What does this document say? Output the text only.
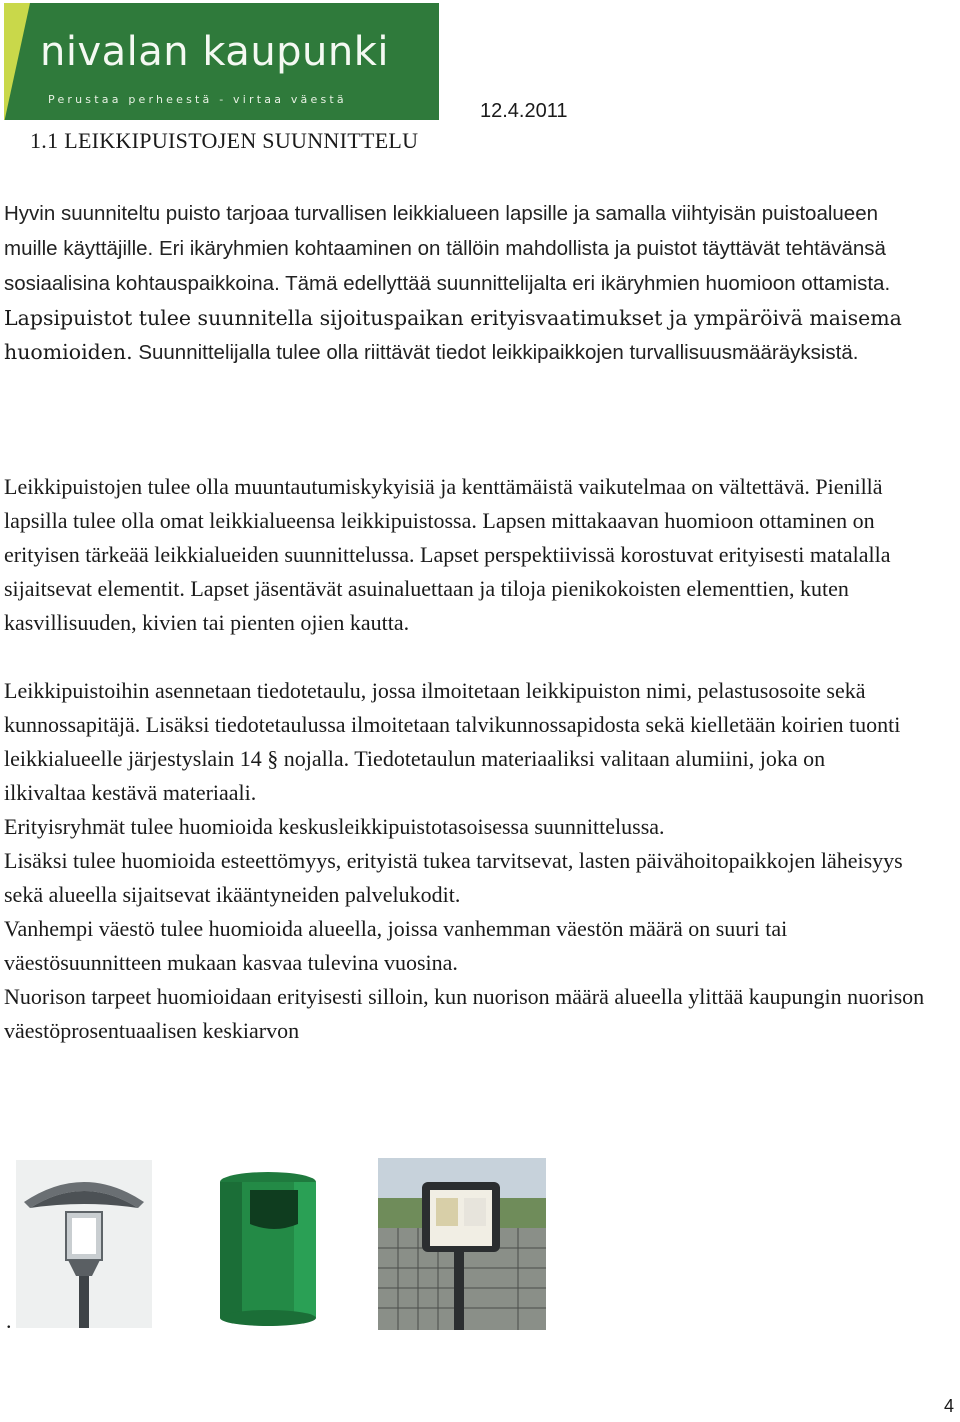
nivalan kaupunki
Perustaa perheestä - virtaa väestä
12.4.2011
1.1 LEIKKIPUISTOJEN SUUNNITTELU

Hyvin suunniteltu puisto tarjoaa turvallisen leikkialueen lapsille ja samalla viihtyisän puistoalueen muille käyttäjille. Eri ikäryhmien kohtaaminen on tällöin mahdollista ja puistot täyttävät tehtävänsä sosiaalisina kohtauspaikkoina. Tämä edellyttää suunnittelijalta eri ikäryhmien huomioon ottamista. Lapsipuistot tulee suunnitella sijoituspaikan erityisvaatimukset ja ympäröivä maisema huomioiden. Suunnittelijalla tulee olla riittävät tiedot leikkipaikkojen turvallisuusmääräyksistä.

Leikkipuistojen tulee olla muuntautumiskykyisiä ja kenttämäistä vaikutelmaa on vältettävä. Pienillä lapsilla tulee olla omat leikkialueensa leikkipuistossa. Lapsen mittakaavan huomioon ottaminen on erityisen tärkeää leikkialueiden suunnittelussa. Lapset perspektiivissä korostuvat erityisesti matalalla sijaitsevat elementit. Lapset jäsentävät asuinaluettaan ja tiloja pienikokoisten elementtien, kuten kasvillisuuden, kivien tai pienten ojien kautta.

Leikkipuistoihin asennetaan tiedotetaulu, jossa ilmoitetaan leikkipuiston nimi, pelastusosoite sekä kunnossapitäjä. Lisäksi tiedotetaulussa ilmoitetaan talvikunnossapidosta sekä kielletään koirien tuonti leikkialueelle järjestyslain 14 § nojalla. Tiedotetaulun materiaaliksi valitaan alumiini, joka on

ilkivaltaa kestävä materiaali.

Erityisryhmät tulee huomioida keskusleikkipuistotasoisessa suunnittelussa.

Lisäksi tulee huomioida esteettömyys, erityistä tukea tarvitsevat, lasten päivähoitopaikkojen läheisyys sekä alueella sijaitsevat ikääntyneiden palvelukodit.

Vanhempi väestö tulee huomioida alueella, joissa vanhemman väestön määrä on suuri tai väestösuunnitteen mukaan kasvaa tulevina vuosina.

Nuorison tarpeet huomioidaan erityisesti silloin, kun nuorison määrä alueella ylittää kaupungin nuorison väestöprosentuaalisen keskiarvon

.
4
